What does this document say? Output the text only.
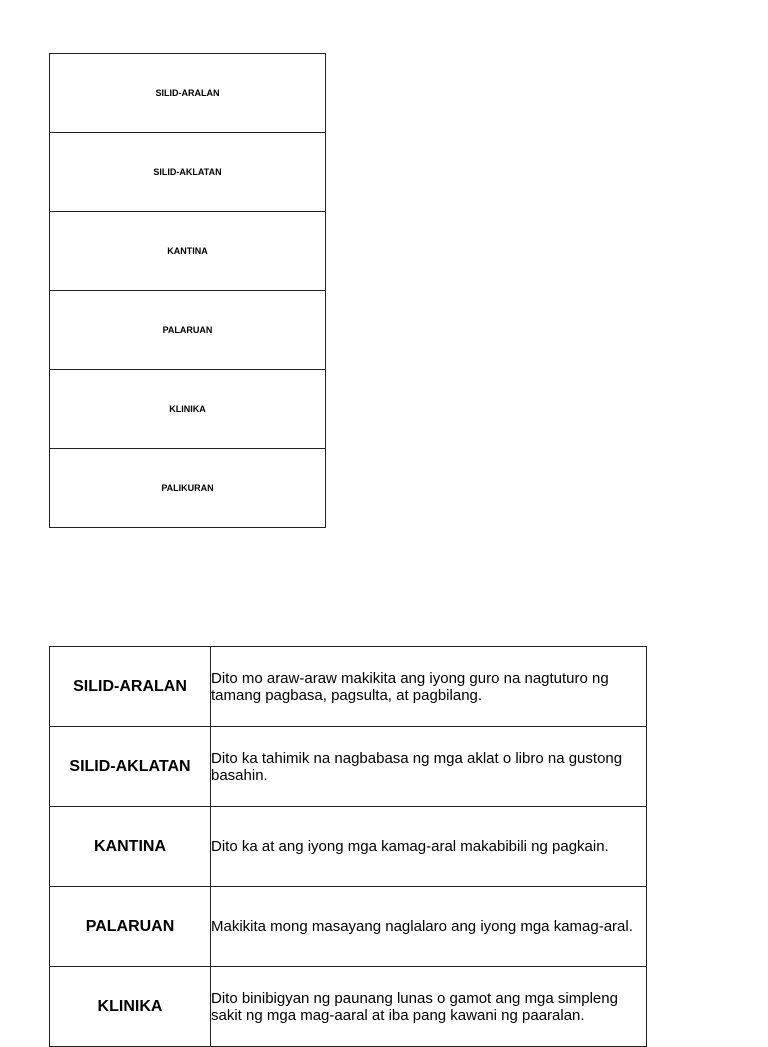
SILID-ARALAN
SILID-AKLATAN
KANTINA
PALARUAN
KLINIKA
PALIKURAN
SILID-ARALAN	Dito mo araw-araw makikita ang iyong guro na nagtuturo ng tamang pagbasa, pagsulta, at pagbilang.
SILID-AKLATAN	Dito ka tahimik na nagbabasa ng mga aklat o libro na gustong basahin.
KANTINA	Dito ka at ang iyong mga kamag-aral makabibili ng pagkain.
PALARUAN	Makikita mong masayang naglalaro ang iyong mga kamag-aral.
KLINIKA	Dito binibigyan ng paunang lunas o gamot ang mga simpleng sakit ng mga mag-aaral at iba pang kawani ng paaralan.
